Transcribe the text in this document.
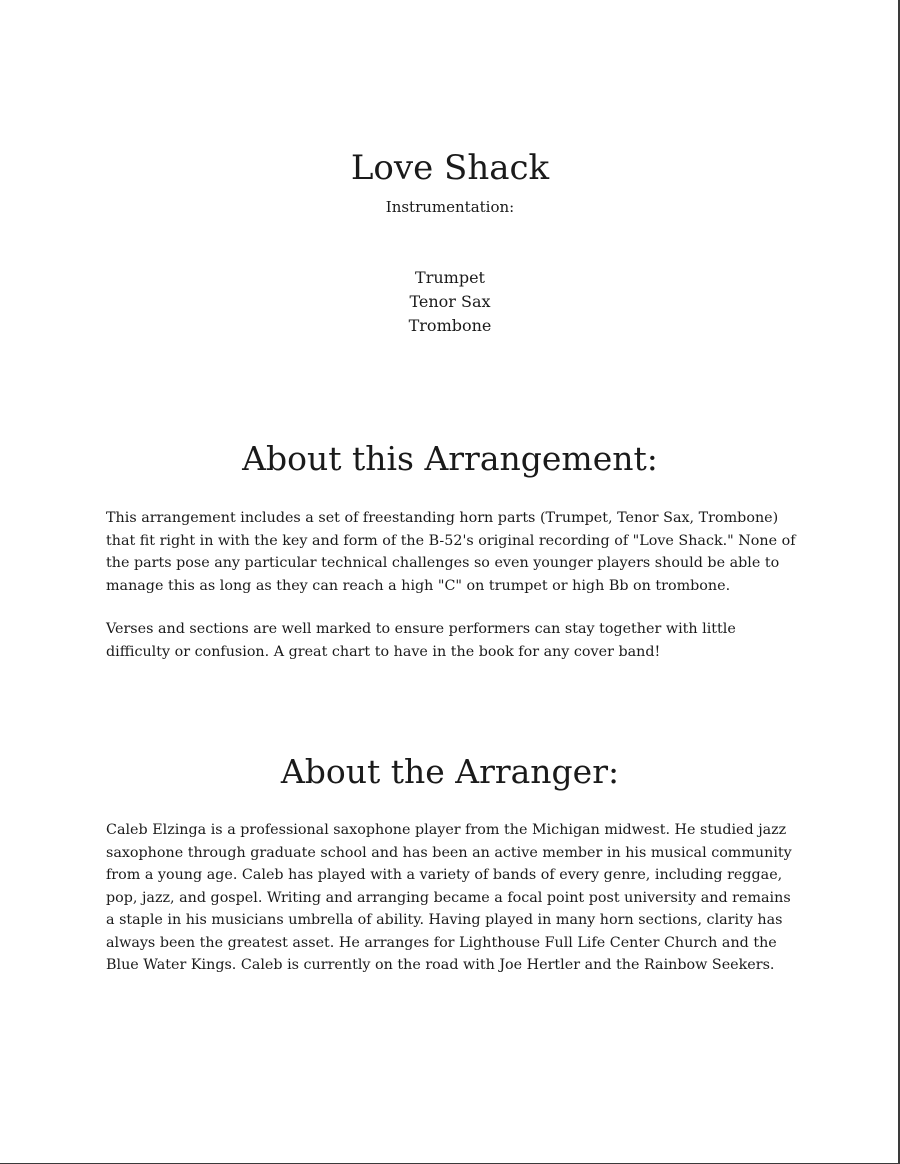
Love Shack

Instrumentation:

Trumpet
Tenor Sax
Trombone
About this Arrangement:

This arrangement includes a set of freestanding horn parts (Trumpet, Tenor Sax, Trombone) that fit right in with the key and form of the B-52's original recording of "Love Shack." None of the parts pose any particular technical challenges so even younger players should be able to manage this as long as they can reach a high "C" on trumpet or high Bb on trombone.

Verses and sections are well marked to ensure performers can stay together with little difficulty or confusion. A great chart to have in the book for any cover band!

About the Arranger:

Caleb Elzinga is a professional saxophone player from the Michigan midwest. He studied jazz saxophone through graduate school and has been an active member in his musical community from a young age. Caleb has played with a variety of bands of every genre, including reggae, pop, jazz, and gospel. Writing and arranging became a focal point post university and remains a staple in his musicians umbrella of ability. Having played in many horn sections, clarity has always been the greatest asset. He arranges for Lighthouse Full Life Center Church and the Blue Water Kings. Caleb is currently on the road with Joe Hertler and the Rainbow Seekers.
